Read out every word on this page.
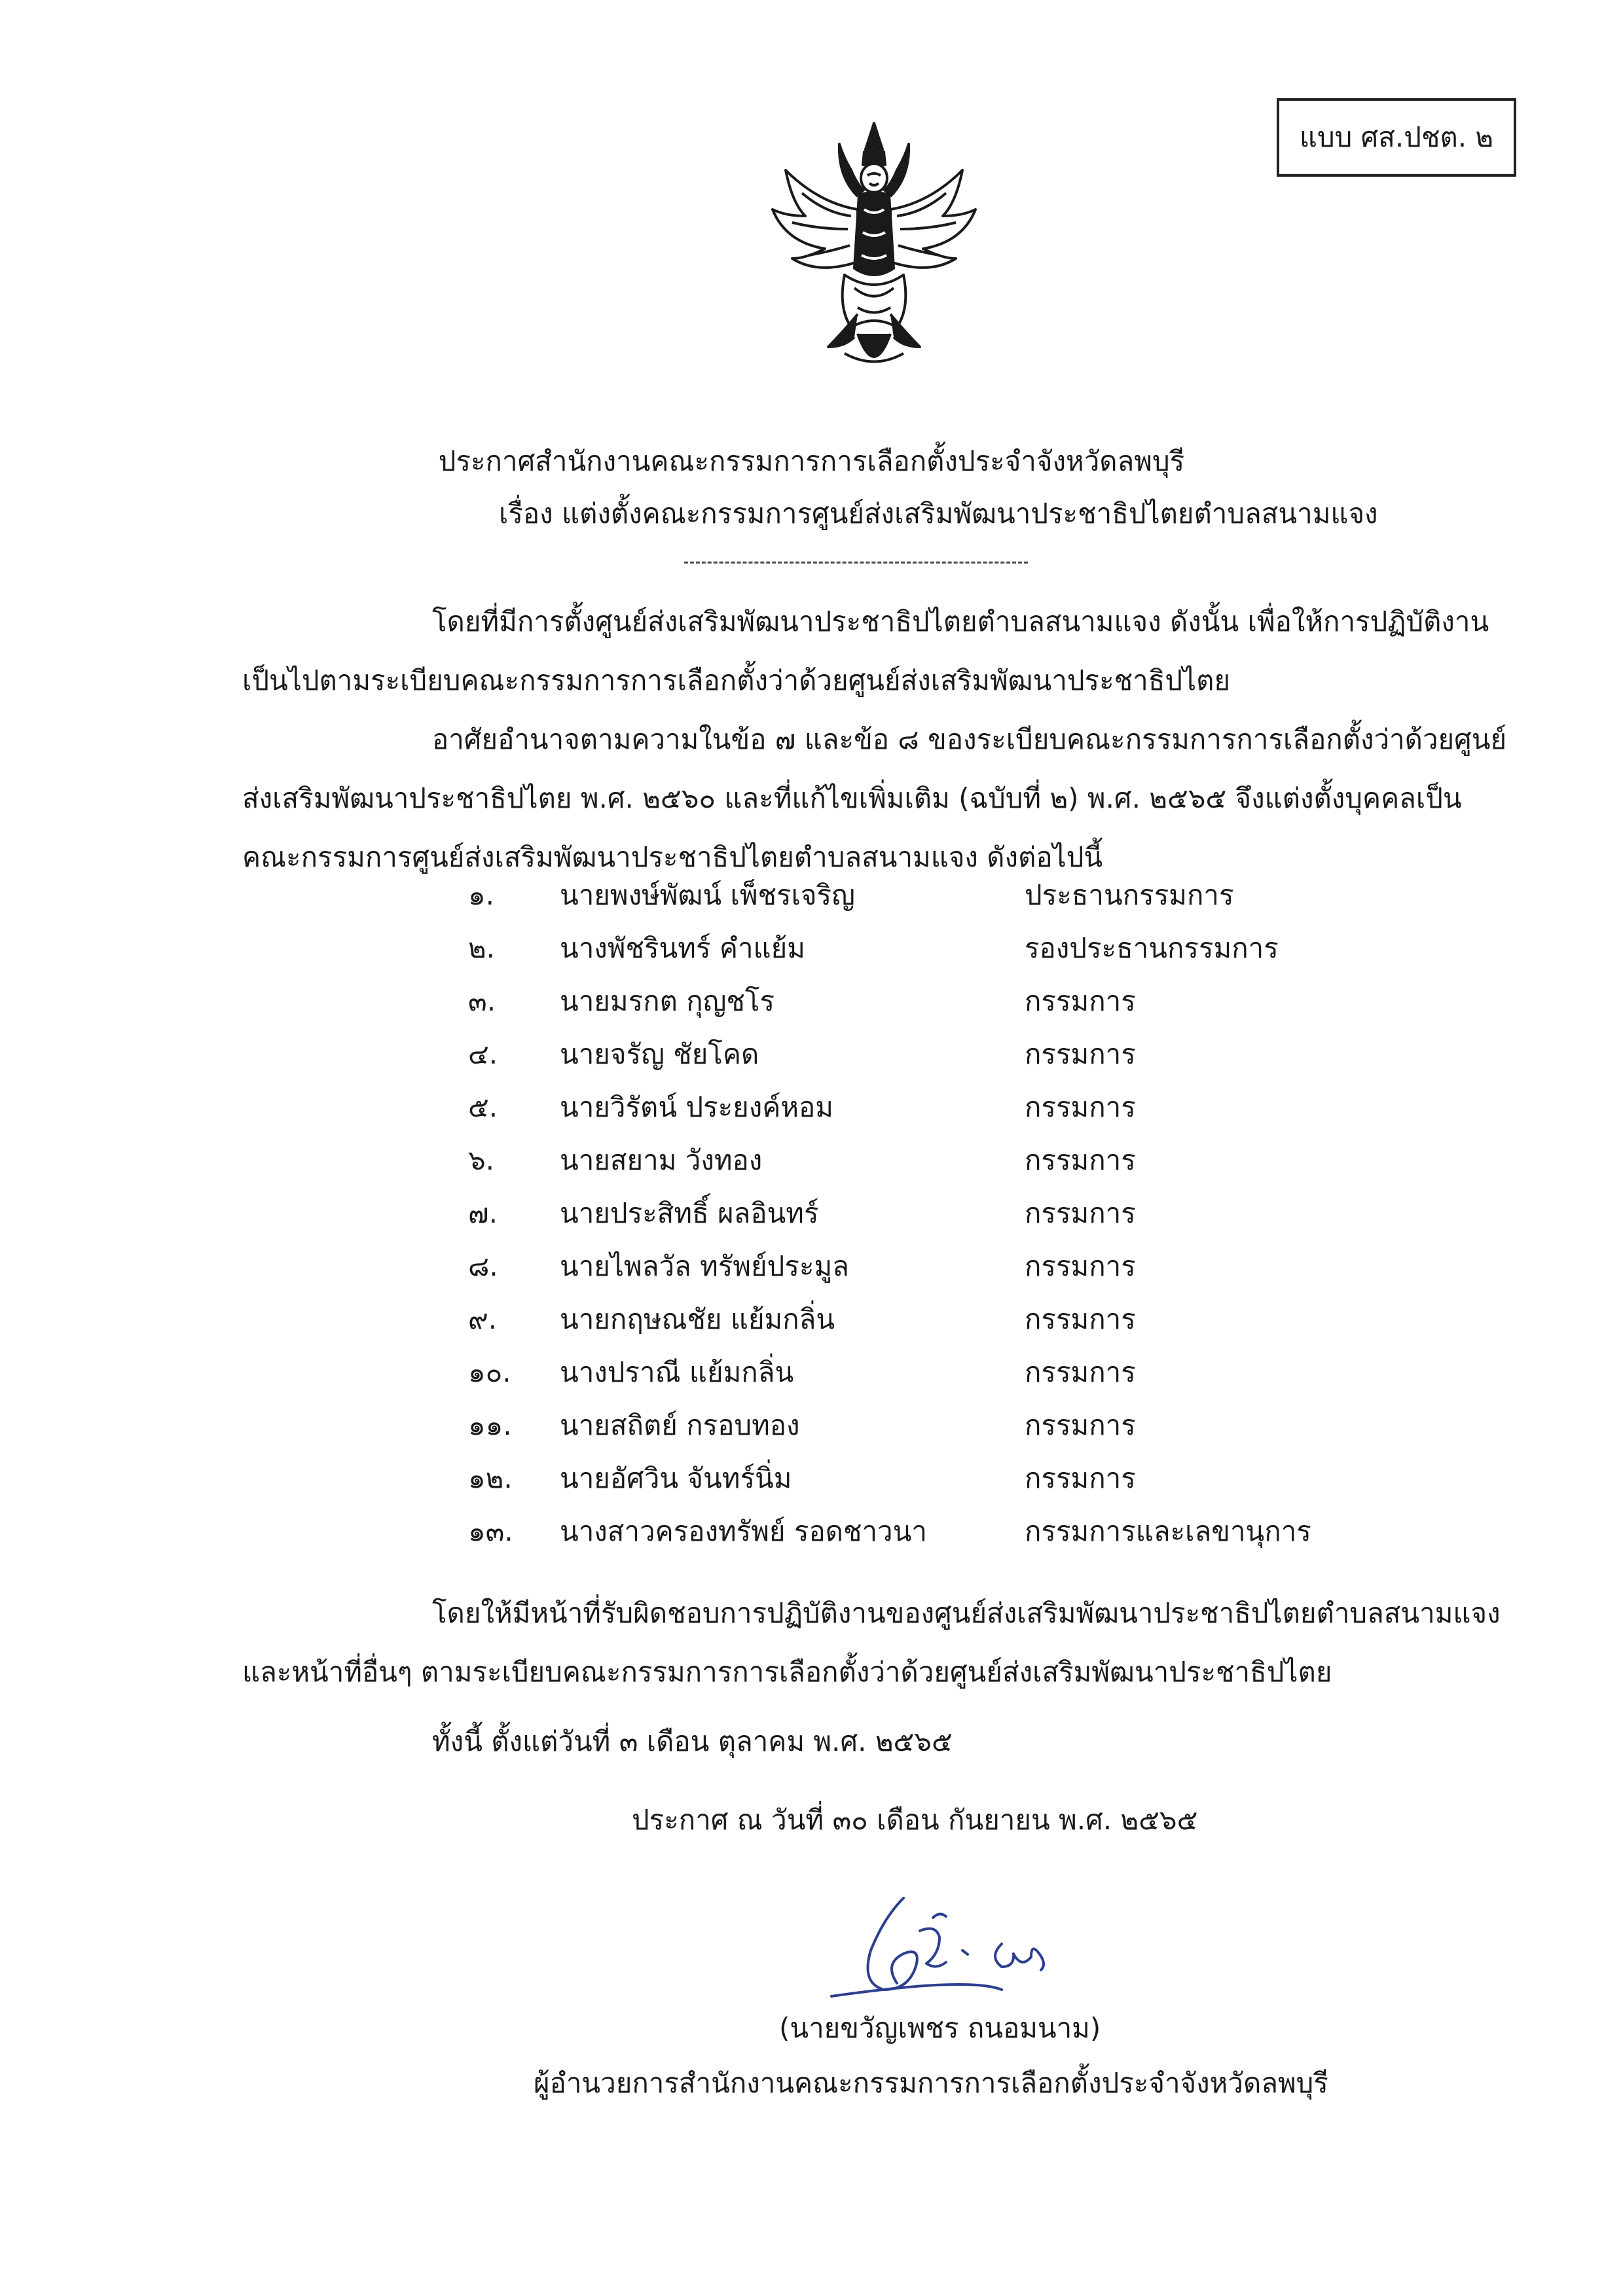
แบบ ศส.ปชต. ๒
ประกาศสำนักงานคณะกรรมการการเลือกตั้งประจำจังหวัดลพบุรี
เรื่อง แต่งตั้งคณะกรรมการศูนย์ส่งเสริมพัฒนาประชาธิปไตยตำบลสนามแจง
โดยที่มีการตั้งศูนย์ส่งเสริมพัฒนาประชาธิปไตยตำบลสนามแจง ดังนั้น เพื่อให้การปฏิบัติงาน
เป็นไปตามระเบียบคณะกรรมการการเลือกตั้งว่าด้วยศูนย์ส่งเสริมพัฒนาประชาธิปไตย
อาศัยอำนาจตามความในข้อ ๗ และข้อ ๘ ของระเบียบคณะกรรมการการเลือกตั้งว่าด้วยศูนย์
ส่งเสริมพัฒนาประชาธิปไตย พ.ศ. ๒๕๖๐ และที่แก้ไขเพิ่มเติม (ฉบับที่ ๒) พ.ศ. ๒๕๖๕ จึงแต่งตั้งบุคคลเป็น
คณะกรรมการศูนย์ส่งเสริมพัฒนาประชาธิปไตยตำบลสนามแจง ดังต่อไปนี้
๑. นายพงษ์พัฒน์ เพ็ชรเจริญ	ประธานกรรมการ
๒. นางพัชรินทร์ คำแย้ม	รองประธานกรรมการ
๓. นายมรกต กุญชโร	กรรมการ
๔. นายจรัญ ชัยโคด	กรรมการ
๕. นายวิรัตน์ ประยงค์หอม	กรรมการ
๖. นายสยาม วังทอง	กรรมการ
๗. นายประสิทธิ์ ผลอินทร์	กรรมการ
๘. นายไพลวัล ทรัพย์ประมูล	กรรมการ
๙. นายกฤษณชัย แย้มกลิ่น	กรรมการ
๑๐. นางปราณี แย้มกลิ่น	กรรมการ
๑๑. นายสถิตย์ กรอบทอง	กรรมการ
๑๒. นายอัศวิน จันทร์นิ่ม	กรรมการ
๑๓. นางสาวครองทรัพย์ รอดชาวนา	กรรมการและเลขานุการ
โดยให้มีหน้าที่รับผิดชอบการปฏิบัติงานของศูนย์ส่งเสริมพัฒนาประชาธิปไตยตำบลสนามแจง
และหน้าที่อื่นๆ ตามระเบียบคณะกรรมการการเลือกตั้งว่าด้วยศูนย์ส่งเสริมพัฒนาประชาธิปไตย
ทั้งนี้ ตั้งแต่วันที่ ๓ เดือน ตุลาคม พ.ศ. ๒๕๖๕
ประกาศ ณ วันที่ ๓๐ เดือน กันยายน พ.ศ. ๒๕๖๕
(นายขวัญเพชร ถนอมนาม)
ผู้อำนวยการสำนักงานคณะกรรมการการเลือกตั้งประจำจังหวัดลพบุรี
